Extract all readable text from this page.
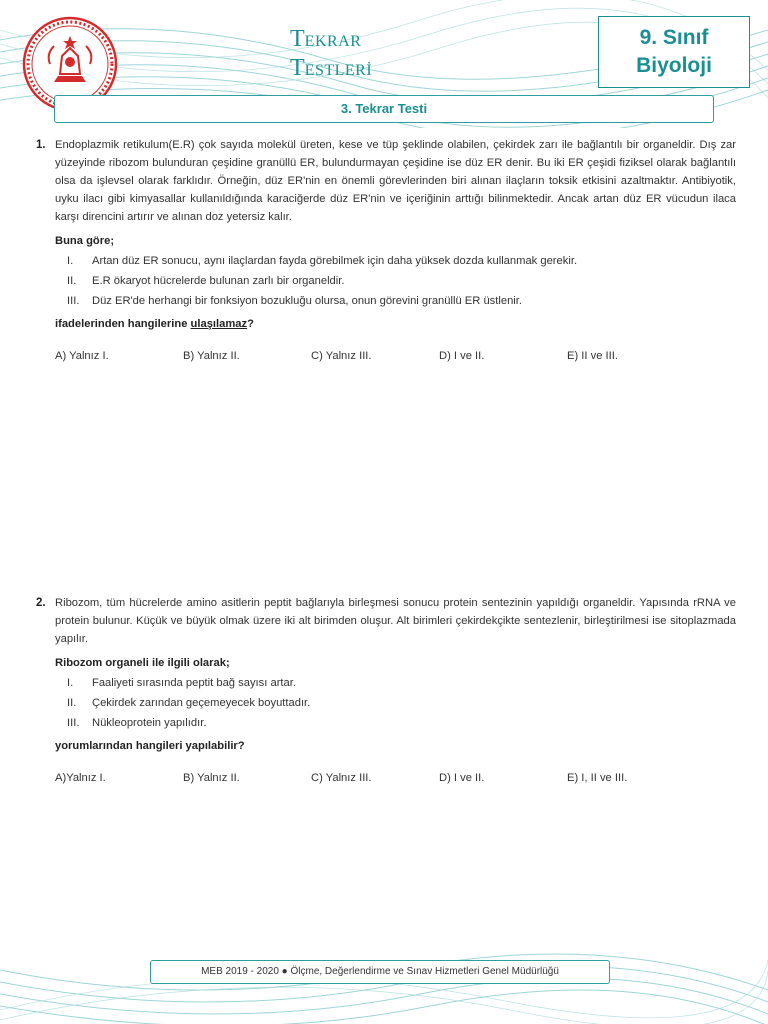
TEKRAR
TESTLERİ
9. Sınıf
Biyoloji
3. Tekrar Testi
1. Endoplazmik retikulum(E.R) çok sayıda molekül üreten, kese ve tüp şeklinde olabilen, çekirdek zarı ile bağlantılı bir organeldir. Dış zar yüzeyinde ribozom bulunduran çeşidine granüllü ER, bulundurmayan çeşidine ise düz ER denir. Bu iki ER çeşidi fiziksel olarak bağlantılı olsa da işlevsel olarak farklıdır. Örneğin, düz ER'nin en önemli görevlerinden biri alınan ilaçların toksik etkisini azaltmaktır. Antibiyotik, uyku ilacı gibi kimyasallar kullanıldığında karaciğerde düz ER'nin ve içeriğinin arttığı bilinmektedir. Ancak artan düz ER vücudun ilaca karşı direncini artırır ve alınan doz yetersiz kalır.

Buna göre;

I.	Artan düz ER sonucu, aynı ilaçlardan fayda görebilmek için daha yüksek dozda kullanmak gerekir.
II.	E.R ökaryot hücrelerde bulunan zarlı bir organeldir.
III.	Düz ER'de herhangi bir fonksiyon bozukluğu olursa, onun görevini granüllü ER üstlenir.

ifadelerinden hangilerine ulaşılamaz?

A) Yalnız I.	B) Yalnız II.	C) Yalnız III.	D) I ve II.	E) II ve III.
2. Ribozom, tüm hücrelerde amino asitlerin peptit bağlarıyla birleşmesi sonucu protein sentezinin yapıldığı organeldir. Yapısında rRNA ve protein bulunur. Küçük ve büyük olmak üzere iki alt birimden oluşur. Alt birimleri çekirdekçikte sentezlenir, birleştirilmesi ise sitoplazmada yapılır.

Ribozom organeli ile ilgili olarak;

I.	Faaliyeti sırasında peptit bağ sayısı artar.
II.	Çekirdek zarından geçemeyecek boyuttadır.
III.	Nükleoprotein yapılıdır.

yorumlarından hangileri yapılabilir?

A)Yalnız I.	B) Yalnız II.	C) Yalnız III.	D) I ve II.	E) I, II ve III.
MEB 2019 - 2020 ● Ölçme, Değerlendirme ve Sınav Hizmetleri Genel Müdürlüğü
